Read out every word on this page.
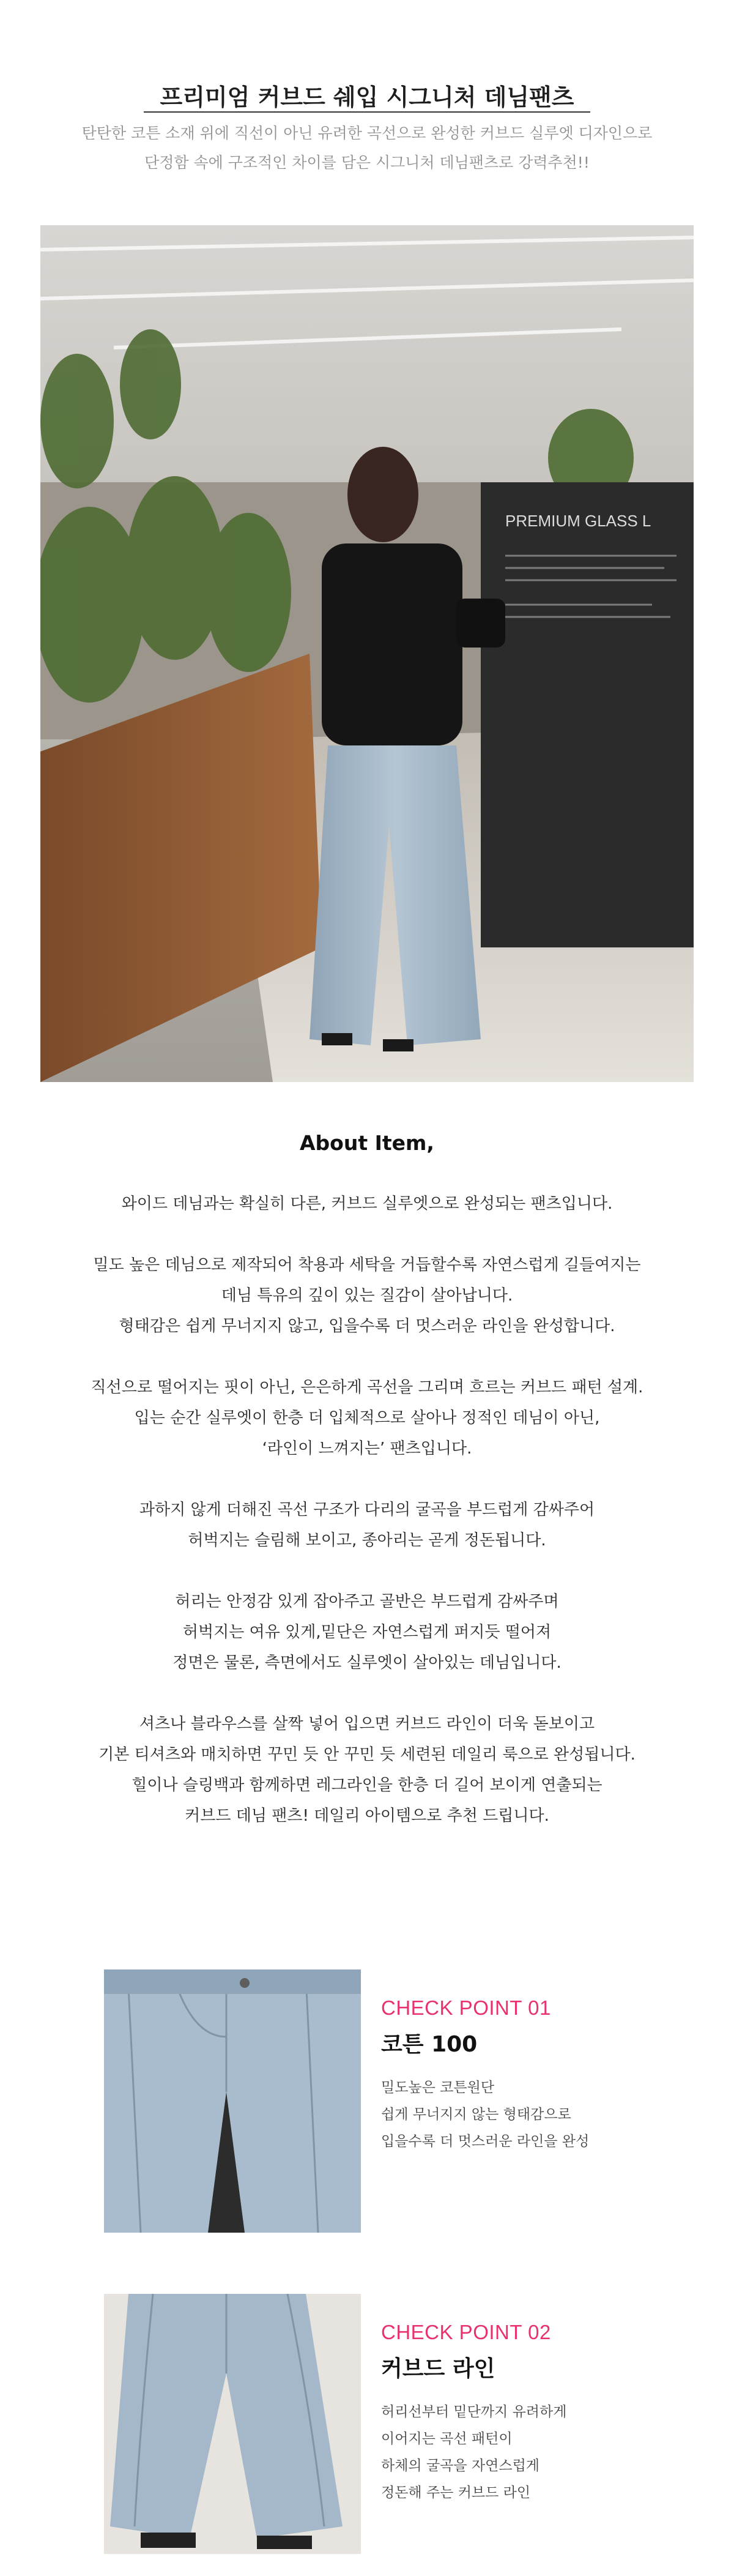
프리미엄 커브드 쉐입 시그니처 데님팬츠
탄탄한 코튼 소재 위에 직선이 아닌 유려한 곡선으로 완성한 커브드 실루엣 디자인으로
단정함 속에 구조적인 차이를 담은 시그니처 데님팬츠로 강력추천!!
PREMIUM GLASS L
About Item,
와이드 데님과는 확실히 다른, 커브드 실루엣으로 완성되는 팬츠입니다.
밀도 높은 데님으로 제작되어 착용과 세탁을 거듭할수록 자연스럽게 길들여지는
데님 특유의 깊이 있는 질감이 살아납니다.
형태감은 쉽게 무너지지 않고, 입을수록 더 멋스러운 라인을 완성합니다.
직선으로 떨어지는 핏이 아닌, 은은하게 곡선을 그리며 흐르는 커브드 패턴 설계.
입는 순간 실루엣이 한층 더 입체적으로 살아나 정적인 데님이 아닌,
‘라인이 느껴지는’ 팬츠입니다.
과하지 않게 더해진 곡선 구조가 다리의 굴곡을 부드럽게 감싸주어
허벅지는 슬림해 보이고, 종아리는 곧게 정돈됩니다.
허리는 안정감 있게 잡아주고 골반은 부드럽게 감싸주며
허벅지는 여유 있게,밑단은 자연스럽게 퍼지듯 떨어져
정면은 물론, 측면에서도 실루엣이 살아있는 데님입니다.
셔츠나 블라우스를 살짝 넣어 입으면 커브드 라인이 더욱 돋보이고
기본 티셔츠와 매치하면 꾸민 듯 안 꾸민 듯 세련된 데일리 룩으로 완성됩니다.
힐이나 슬링백과 함께하면 레그라인을 한층 더 길어 보이게 연출되는
커브드 데님 팬츠! 데일리 아이템으로 추천 드립니다.
CHECK POINT 01
코튼 100
밀도높은 코튼원단
쉽게 무너지지 않는 형태감으로
입을수록 더 멋스러운 라인을 완성
CHECK POINT 02
커브드 라인
허리선부터 밑단까지 유려하게
이어지는 곡선 패턴이
하체의 굴곡을 자연스럽게
정돈해 주는 커브드 라인
